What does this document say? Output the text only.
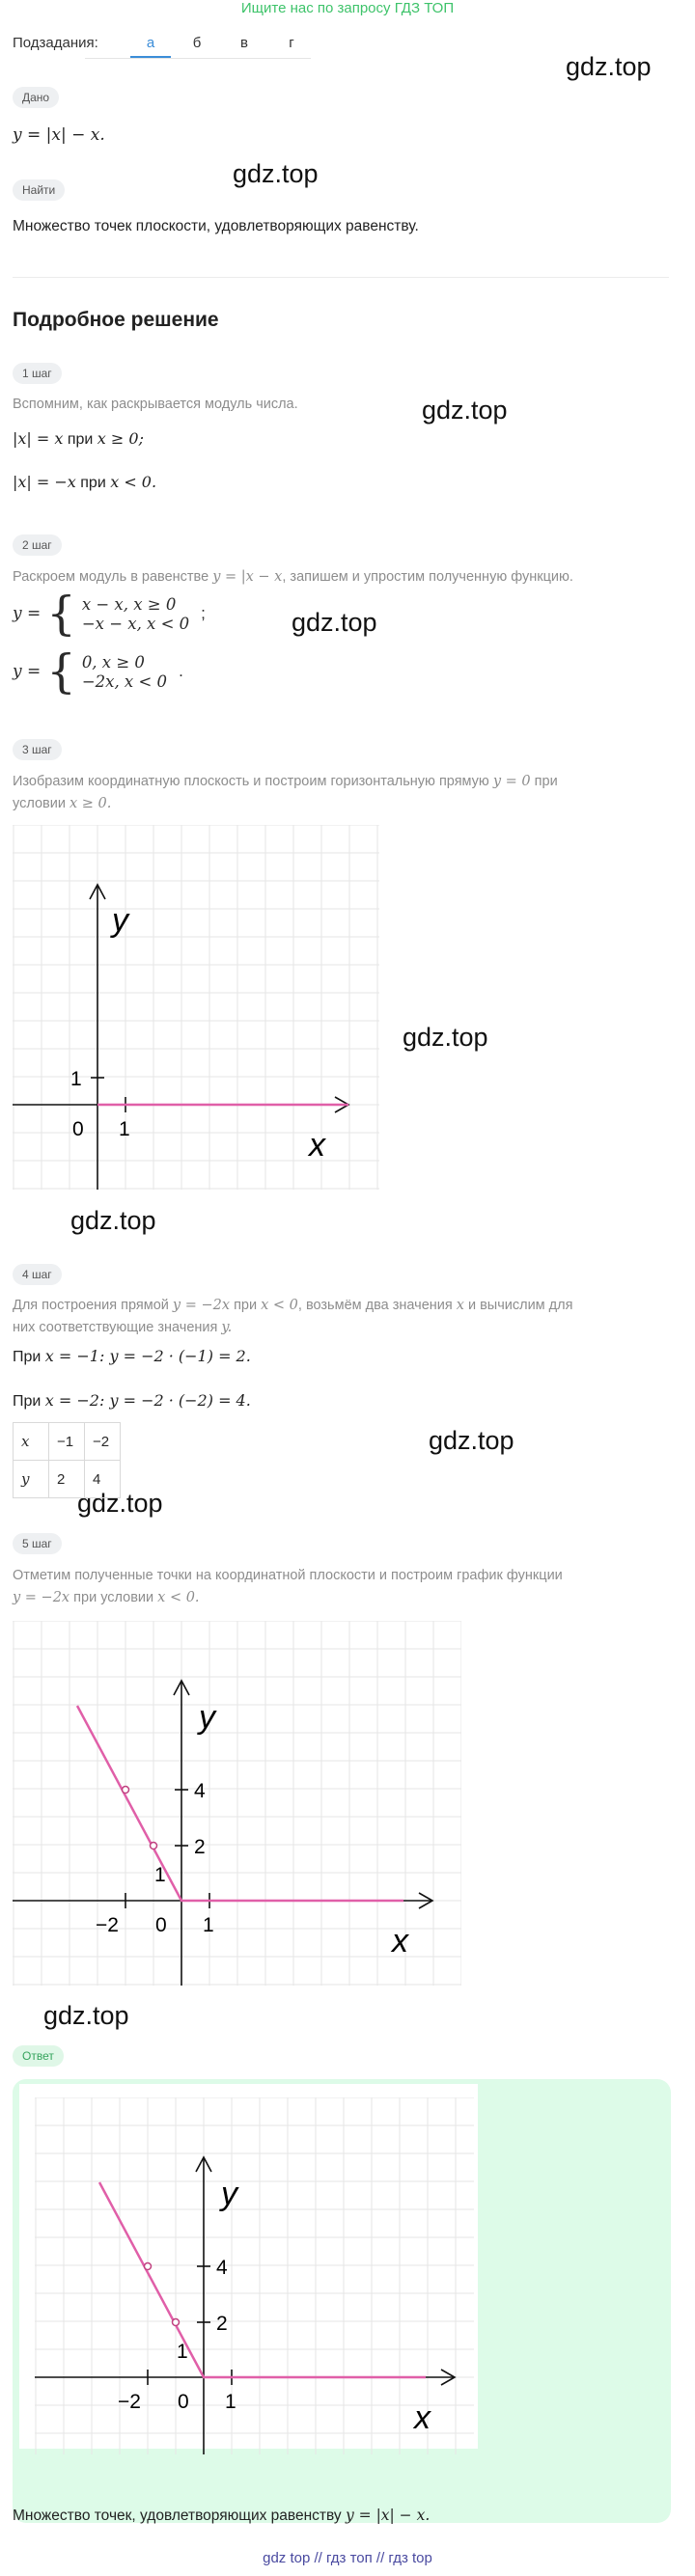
Ищите нас по запросу ГДЗ ТОП
Подзадания:	а	б	в	г
gdz.top
gdz.top
gdz.top
gdz.top
gdz.top
gdz.top
gdz.top
gdz.top
gdz.top
Дано
y = |x| − x.
Найти
Множество точек плоскости, удовлетворяющих равенству.
Подробное решение
1 шаг
Вспомним, как раскрывается модуль числа.
|x| = x при x ≥ 0;
|x| = −x при x < 0.
2 шаг
Раскроем модуль в равенстве y = |x − x, запишем и упростим полученную функцию.
y = { x − x, x ≥ 0
−x − x, x < 0
;
y = { 0, x ≥ 0
−2x, x < 0
.
3 шаг
Изобразим координатную плоскость и построим горизонтальную прямую y = 0 при
условии x ≥ 0.
y
x
0 1
1
4 шаг
Для построения прямой y = −2x при x < 0, возьмём два значения x и вычислим для
них соответствующие значения y.
При x = −1: y = −2 · (−1) = 2.
При x = −2: y = −2 · (−2) = 4.
x	−1	−2
y	2	4
5 шаг
Отметим полученные точки на координатной плоскости и построим график функции
y = −2x при условии x < 0.
y
x
−2 0 1
1
2
4
Ответ
y
x
−2 0 1
1
2
4
Множество точек, удовлетворяющих равенству y = |x| − x.
gdz top // гдз топ // гдз top
